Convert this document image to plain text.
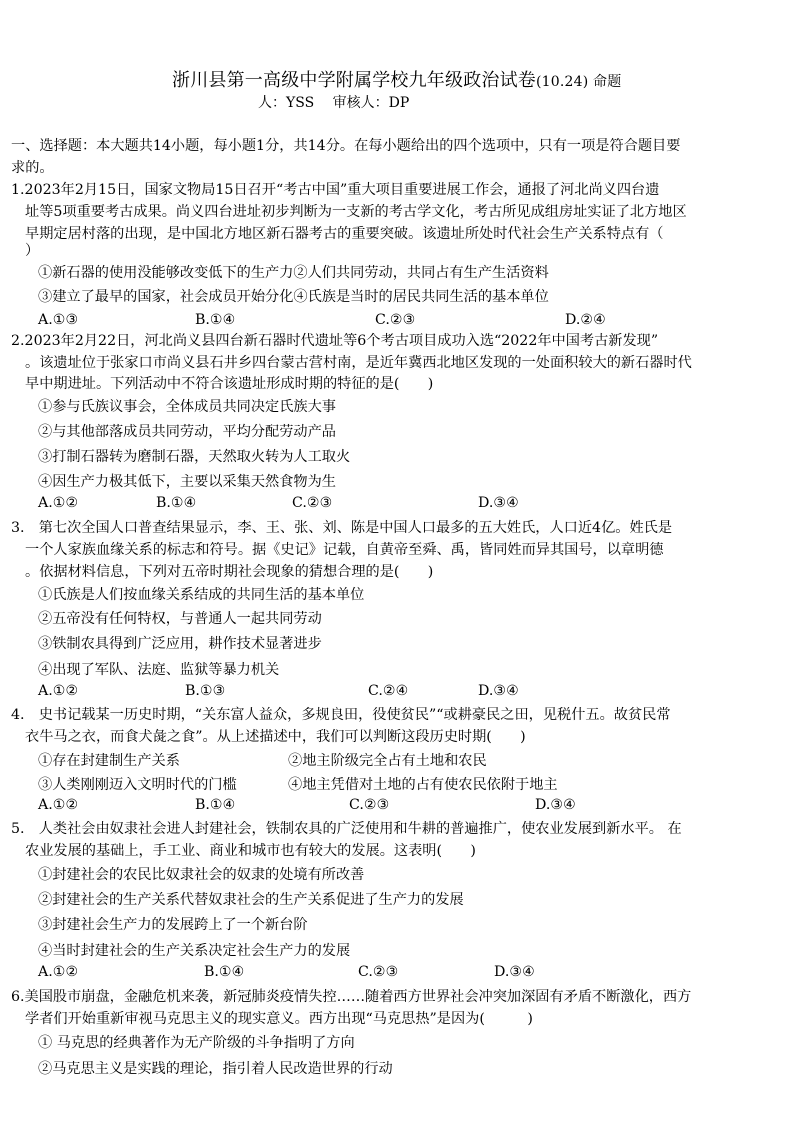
浙川县第一高级中学附属学校九年级政治试卷(10.24) 命题
人：YSS　 审核人：DP
一、选择题：本大题共14小题，每小题1分，共14分。在每小题给出的四个选项中，只有一项是符合题目要
求的。
1.2023年2月15日，国家文物局15日召开“考古中国”重大项目重要进展工作会，通报了河北尚义四台遗
址等5项重要考古成果。尚义四台进址初步判断为一支新的考古学文化，考古所见成组房址实证了北方地区
早期定居村落的出现，是中国北方地区新石器考古的重要突破。该遗址所处时代社会生产关系特点有（
）
①新石器的使用没能够改变低下的生产力②人们共同劳动，共同占有生产生活资料
③建立了最早的国家，社会成员开始分化④氏族是当时的居民共同生活的基本单位
A.①③	B.①④	C.②③	D.②④
2.2023年2月22日，河北尚义县四台新石器时代遗址等6个考古项目成功入选“2022年中国考古新发现”
。该遗址位于张家口市尚义县石井乡四台蒙古营村南，是近年冀西北地区发现的一处面积较大的新石器时代
早中期进址。下列活动中不符合该遗址形成时期的特征的是(　　)
①参与氏族议事会，全体成员共同决定氏族大事
②与其他部落成员共同劳动，平均分配劳动产品
③打制石器转为磨制石器，天然取火转为人工取火
④因生产力极其低下，主要以采集天然食物为生
A.①②	B.①④	C.②③	D.③④
3.　第七次全国人口普查结果显示，李、王、张、刘、陈是中国人口最多的五大姓氏，人口近4亿。姓氏是
一个人家族血缘关系的标志和符号。据《史记》记载，自黄帝至舜、禹，皆同姓而异其国号，以章明德
。依据材料信息，下列对五帝时期社会现象的猜想合理的是(　　)
①氏族是人们按血缘关系结成的共同生活的基本单位
②五帝没有任何特权，与普通人一起共同劳动
③铁制农具得到广泛应用，耕作技术显著进步
④出现了军队、法庭、监狱等暴力机关
A.①②	B.①③	C.②④	D.③④
4.　史书记载某一历史时期，“关东富人益众，多规良田，役使贫民”“或耕豪民之田，见税什五。故贫民常
衣牛马之衣，而食犬彘之食”。从上述描述中，我们可以判断这段历史时期(　　)
①存在封建制生产关系	②地主阶级完全占有土地和农民
③人类刚刚迈入文明时代的门槛	④地主凭借对土地的占有使农民依附于地主
A.①②	B.①④	C.②③	D.③④
5.　人类社会由奴隶社会进人封建社会，铁制农具的广泛使用和牛耕的普遍推广，使农业发展到新水平。 在
农业发展的基础上，手工业、商业和城市也有较大的发展。这表明(　　)
①封建社会的农民比奴隶社会的奴隶的处境有所改善
②封建社会的生产关系代替奴隶社会的生产关系促进了生产力的发展
③封建社会生产力的发展跨上了一个新台阶
④当时封建社会的生产关系决定社会生产力的发展
A.①②	B.①④	C.②③	D.③④
6.美国股市崩盘，金融危机来袭，新冠肺炎疫情失控……随着西方世界社会冲突加深固有矛盾不断激化，西方
学者们开始重新审视马克思主义的现实意义。西方出现“马克思热”是因为(　　　)
① 马克思的经典著作为无产阶级的斗争指明了方向
②马克思主义是实践的理论，指引着人民改造世界的行动
